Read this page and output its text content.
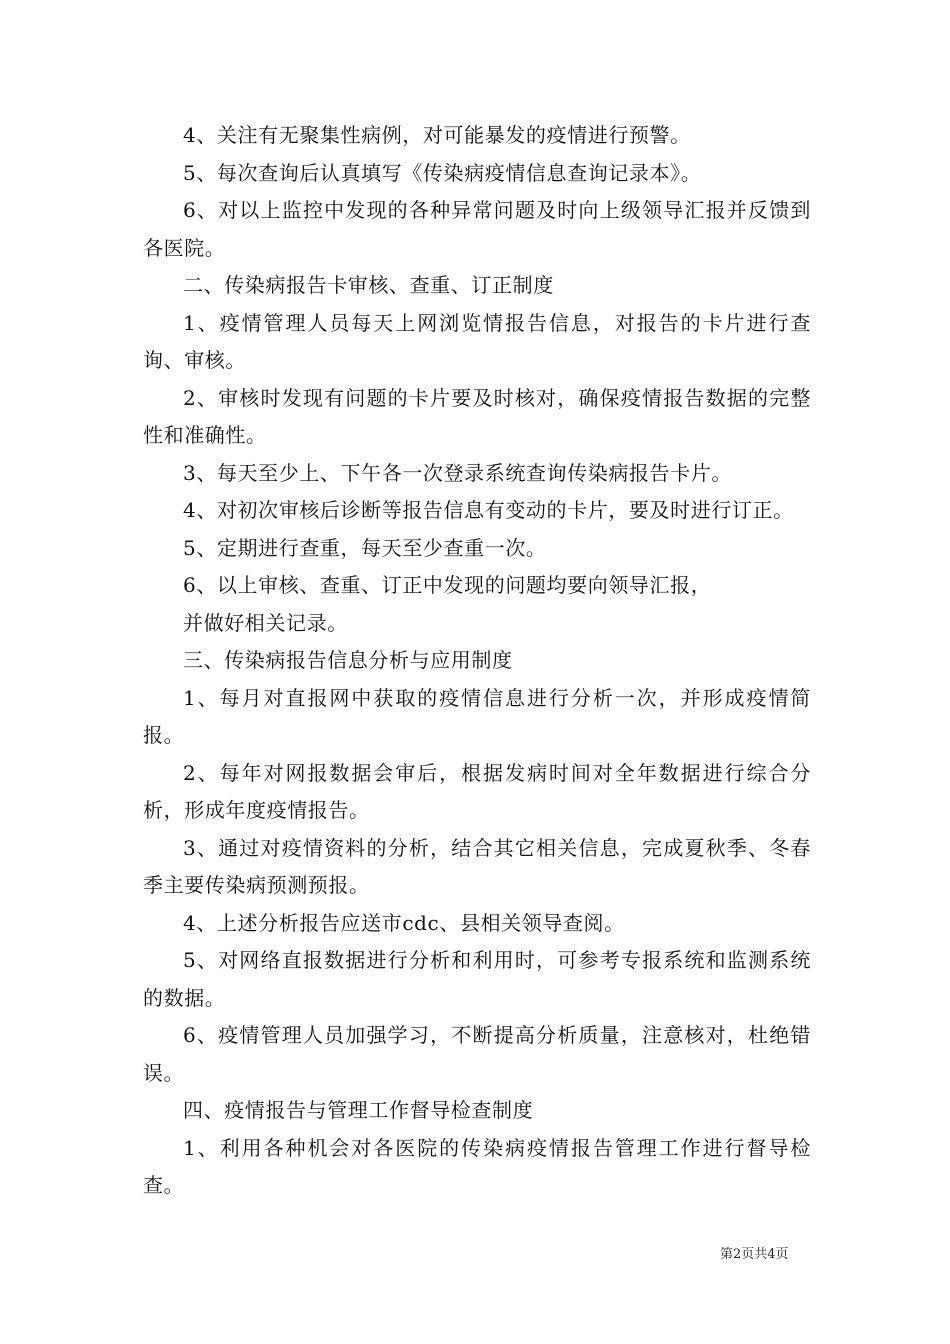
4、关注有无聚集性病例，对可能暴发的疫情进行预警。

5、每次查询后认真填写《传染病疫情信息查询记录本》。

6、对以上监控中发现的各种异常问题及时向上级领导汇报并反馈到各医院。

二、传染病报告卡审核、查重、订正制度

1、疫情管理人员每天上网浏览情报告信息，对报告的卡片进行查询、审核。

2、审核时发现有问题的卡片要及时核对，确保疫情报告数据的完整性和准确性。

3、每天至少上、下午各一次登录系统查询传染病报告卡片。

4、对初次审核后诊断等报告信息有变动的卡片，要及时进行订正。

5、定期进行查重，每天至少查重一次。

6、以上审核、查重、订正中发现的问题均要向领导汇报，

并做好相关记录。

三、传染病报告信息分析与应用制度

1、每月对直报网中获取的疫情信息进行分析一次，并形成疫情简报。

2、每年对网报数据会审后，根据发病时间对全年数据进行综合分析，形成年度疫情报告。

3、通过对疫情资料的分析，结合其它相关信息，完成夏秋季、冬春季主要传染病预测预报。

4、上述分析报告应送市cdc、县相关领导查阅。

5、对网络直报数据进行分析和利用时，可参考专报系统和监测系统的数据。

6、疫情管理人员加强学习，不断提高分析质量，注意核对，杜绝错误。

四、疫情报告与管理工作督导检查制度

1、利用各种机会对各医院的传染病疫情报告管理工作进行督导检查。

第2页共4页
